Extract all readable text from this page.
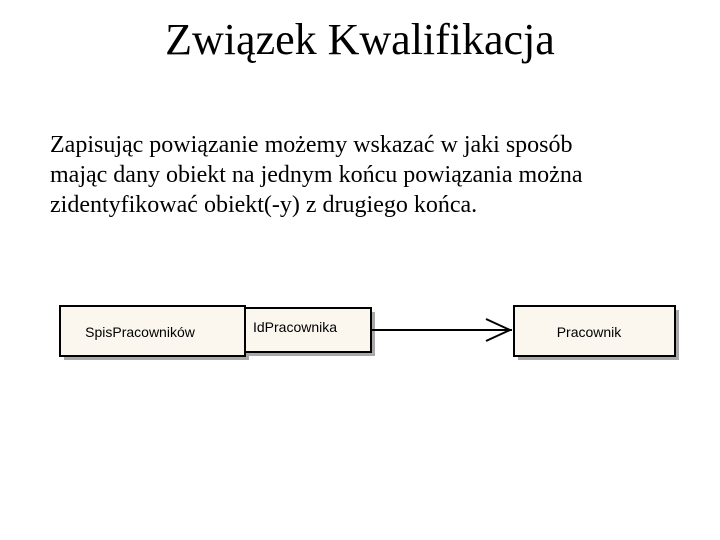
Związek Kwalifikacja
Zapisując powiązanie możemy wskazać w jaki sposób
mając dany obiekt na jednym końcu powiązania można
zidentyfikować obiekt(-y) z drugiego końca.
SpisPracowników	IdPracownika	Pracownik
